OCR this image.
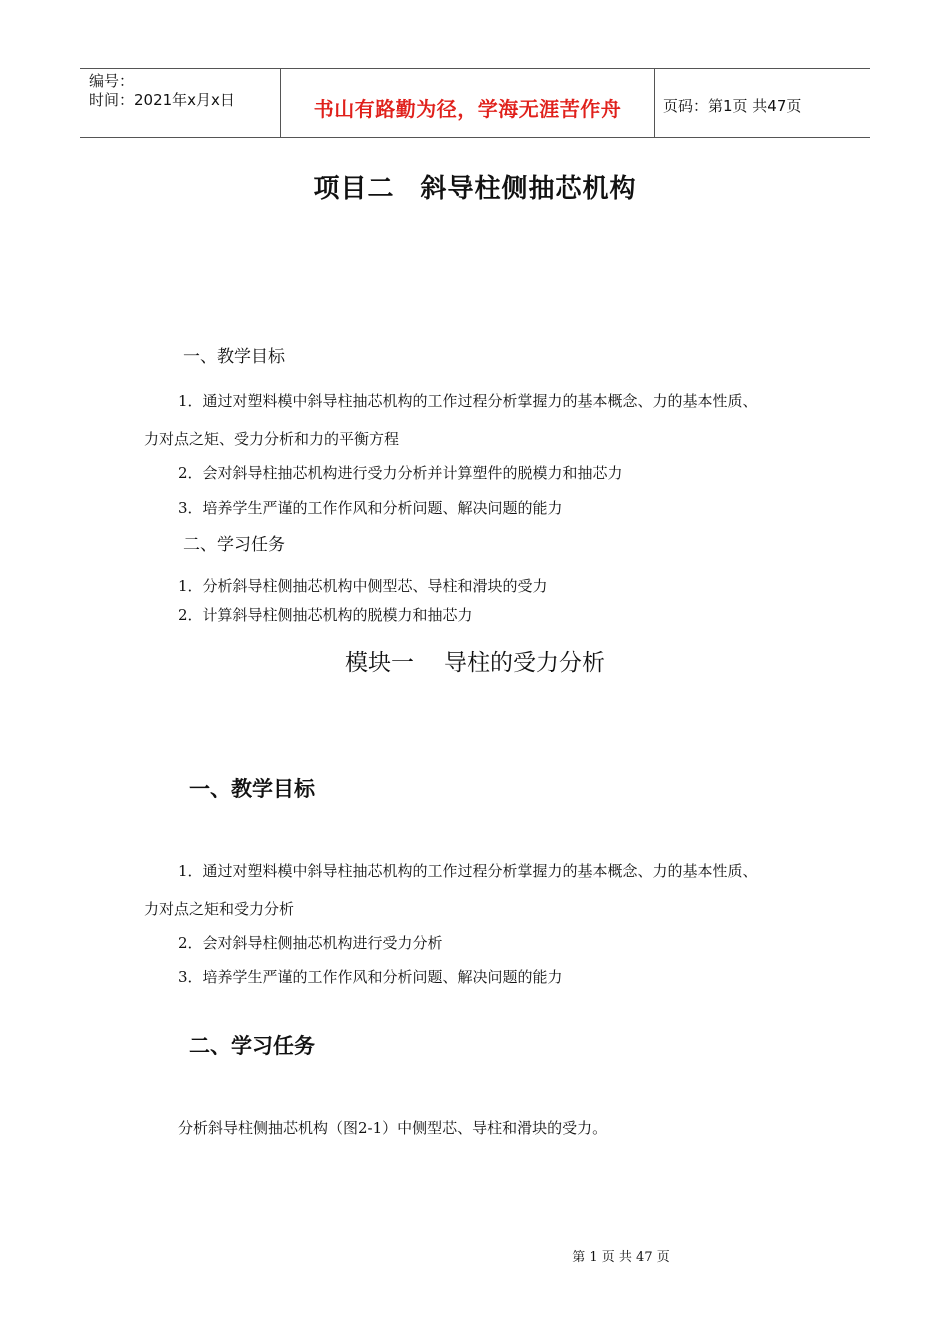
编号：
时间：2021年x月x日	书山有路勤为径，学海无涯苦作舟	页码：第1页 共47页
项目二 斜导柱侧抽芯机构
一、教学目标
1．通过对塑料模中斜导柱抽芯机构的工作过程分析掌握力的基本概念、力的基本性质、
力对点之矩、受力分析和力的平衡方程
2．会对斜导柱抽芯机构进行受力分析并计算塑件的脱模力和抽芯力
3．培养学生严谨的工作作风和分析问题、解决问题的能力
二、学习任务
1．分析斜导柱侧抽芯机构中侧型芯、导柱和滑块的受力
2．计算斜导柱侧抽芯机构的脱模力和抽芯力
模块一 导柱的受力分析
一、教学目标
1．通过对塑料模中斜导柱抽芯机构的工作过程分析掌握力的基本概念、力的基本性质、
力对点之矩和受力分析
2．会对斜导柱侧抽芯机构进行受力分析
3．培养学生严谨的工作作风和分析问题、解决问题的能力
二、学习任务
分析斜导柱侧抽芯机构（图2-1）中侧型芯、导柱和滑块的受力。
第 1 页 共 47 页
